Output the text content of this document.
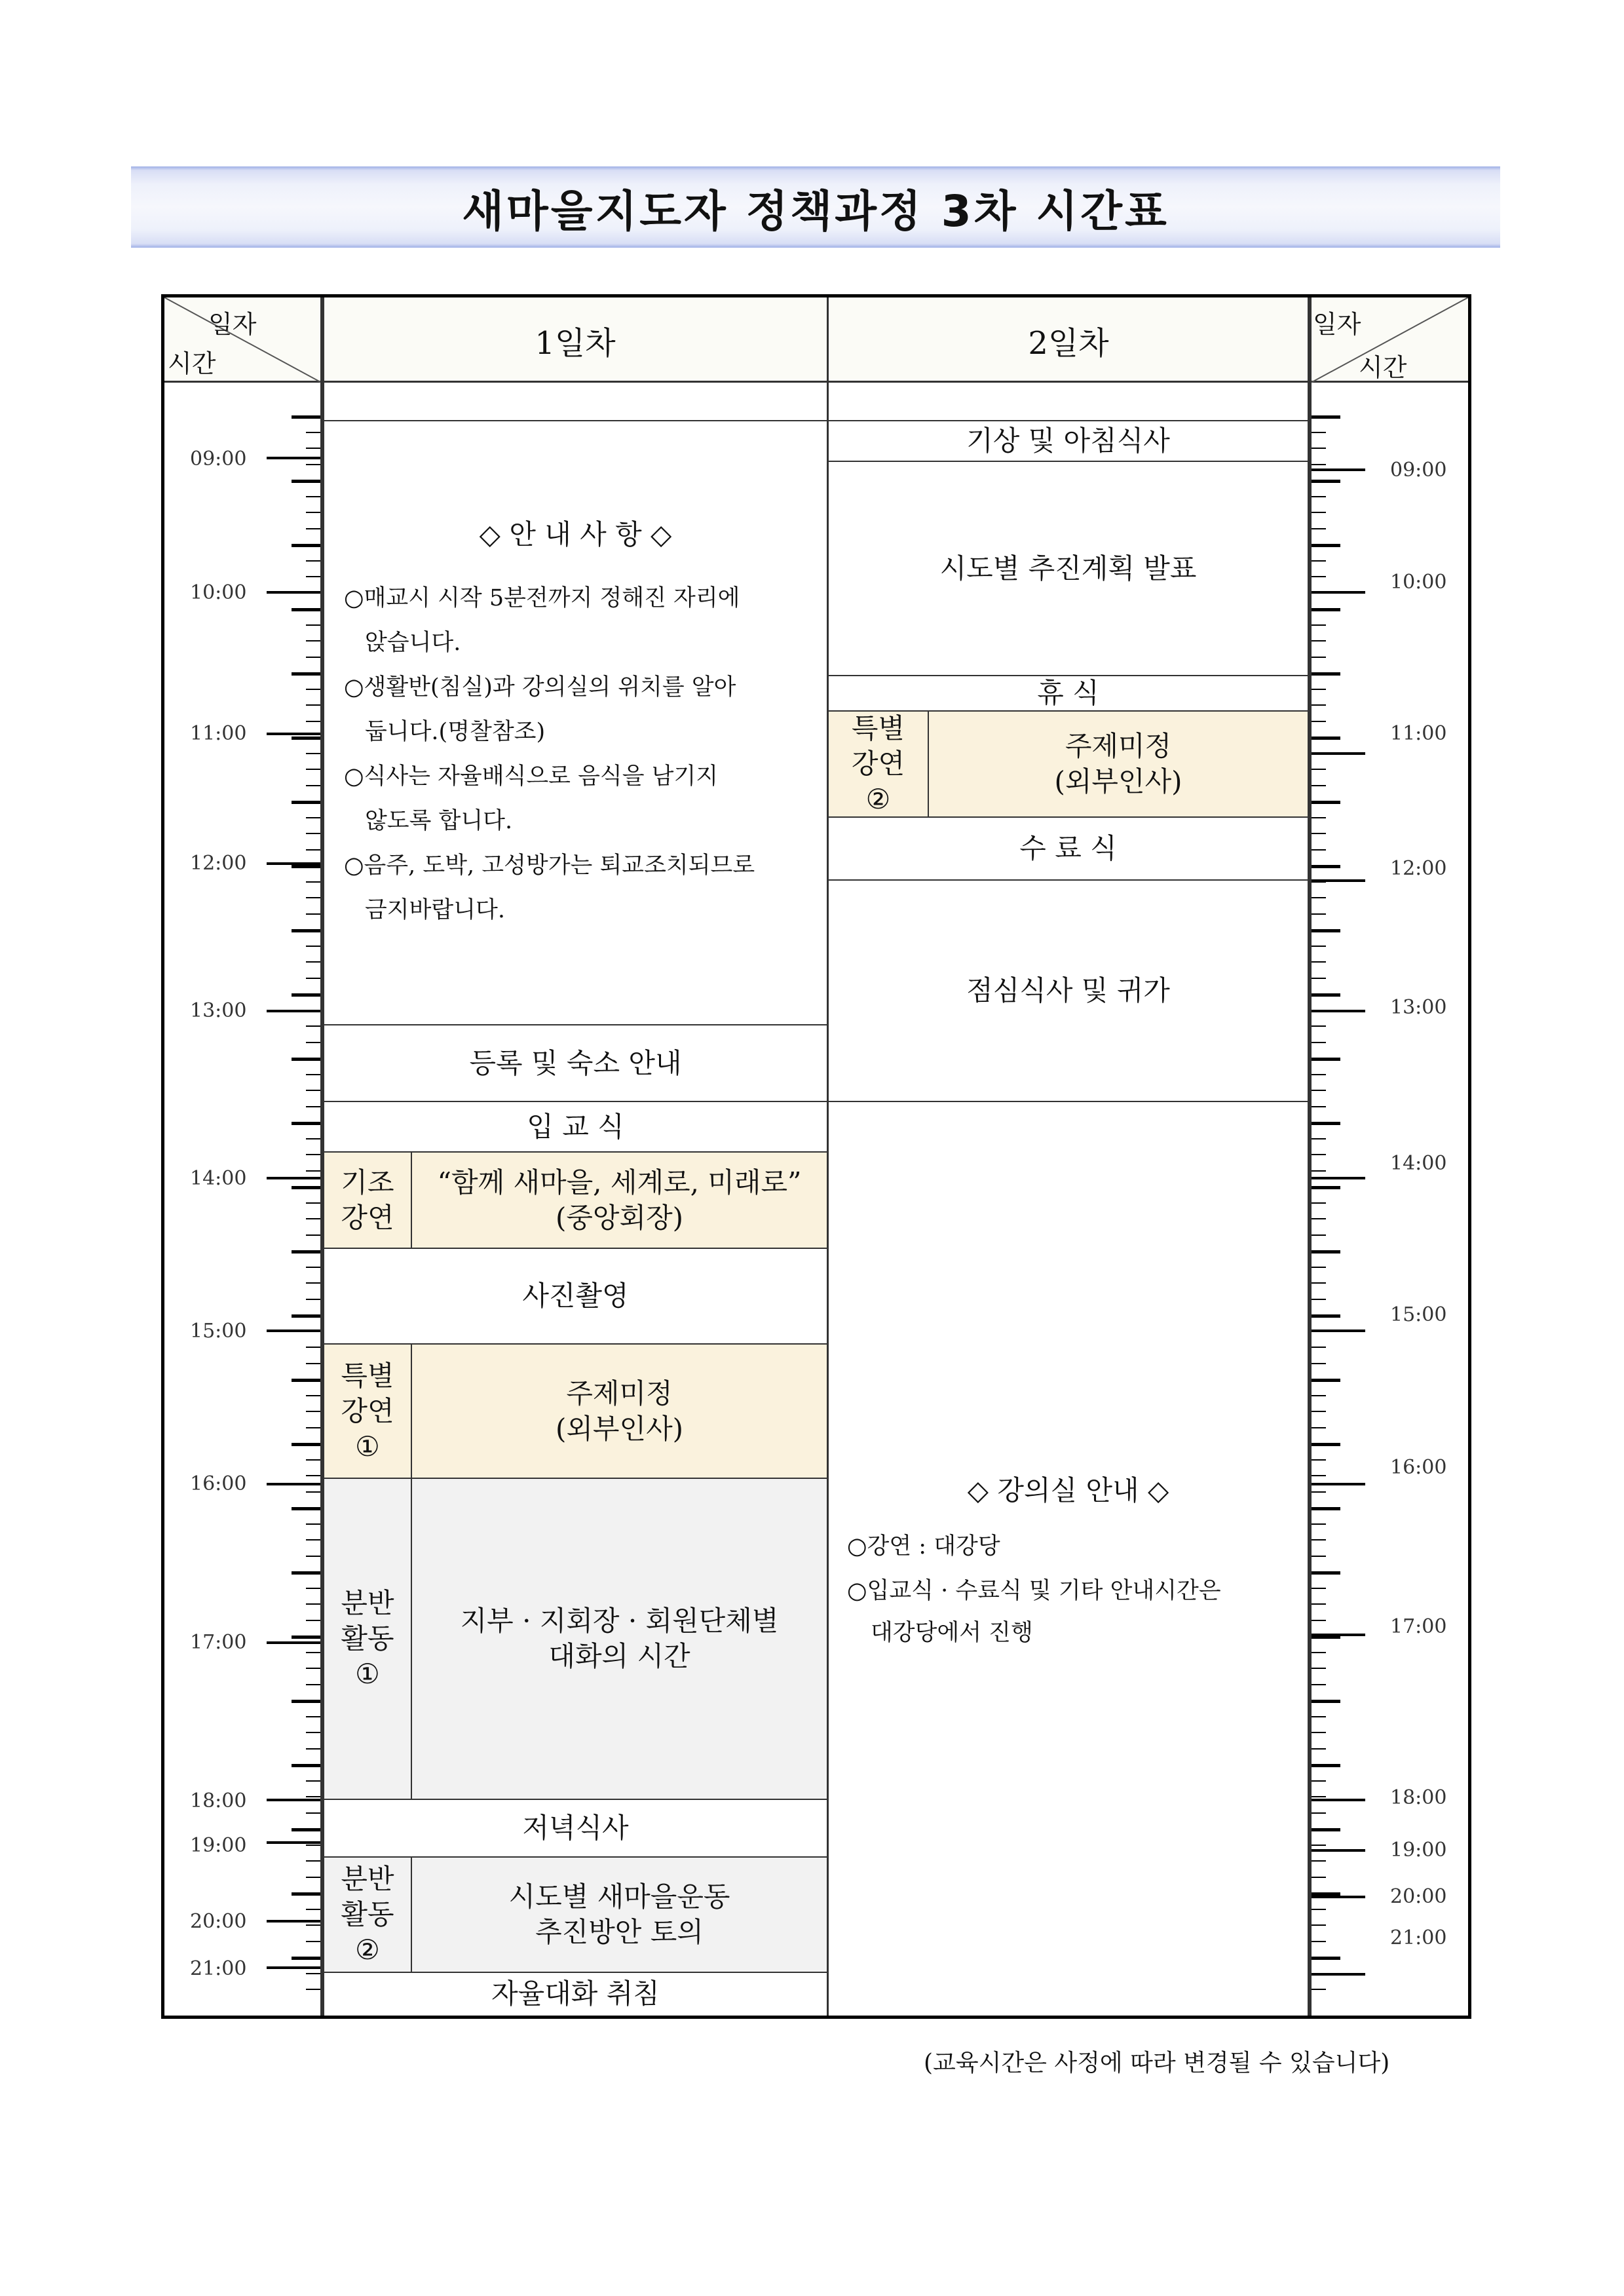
새마을지도자 정책과정 3차 시간표
일자
시간
일자
시간
1일차	2일차
◇ 안 내 사 항 ◇
○매교시 시작 5분전까지 정해진 자리에
앉습니다.
○생활반(침실)과 강의실의 위치를 알아
둡니다.(명찰참조)
○식사는 자율배식으로 음식을 남기지
않도록 합니다.
○음주, 도박, 고성방가는 퇴교조치되므로
금지바랍니다.
등록 및 숙소 안내
입 교 식
기조
강연
“함께 새마을, 세계로, 미래로”
(중앙회장)
사진촬영
특별
강연
①
주제미정
(외부인사)
분반
활동
①
지부 · 지회장 · 회원단체별
대화의 시간
저녁식사
분반
활동
②
시도별 새마을운동
추진방안 토의
자율대화 취침
기상 및 아침식사
시도별 추진계획 발표
휴 식
특별
강연
②
주제미정
(외부인사)
수 료 식
점심식사 및 귀가
◇ 강의실 안내 ◇
○강연 : 대강당
○입교식 · 수료식 및 기타 안내시간은
대강당에서 진행
09:00
10:00
11:00
12:00
13:00
14:00
15:00
16:00
17:00
18:00
19:00
20:00
21:00
09:00
10:00
11:00
12:00
13:00
14:00
15:00
16:00
17:00
18:00
19:00
20:00
21:00
(교육시간은 사정에 따라 변경될 수 있습니다)
